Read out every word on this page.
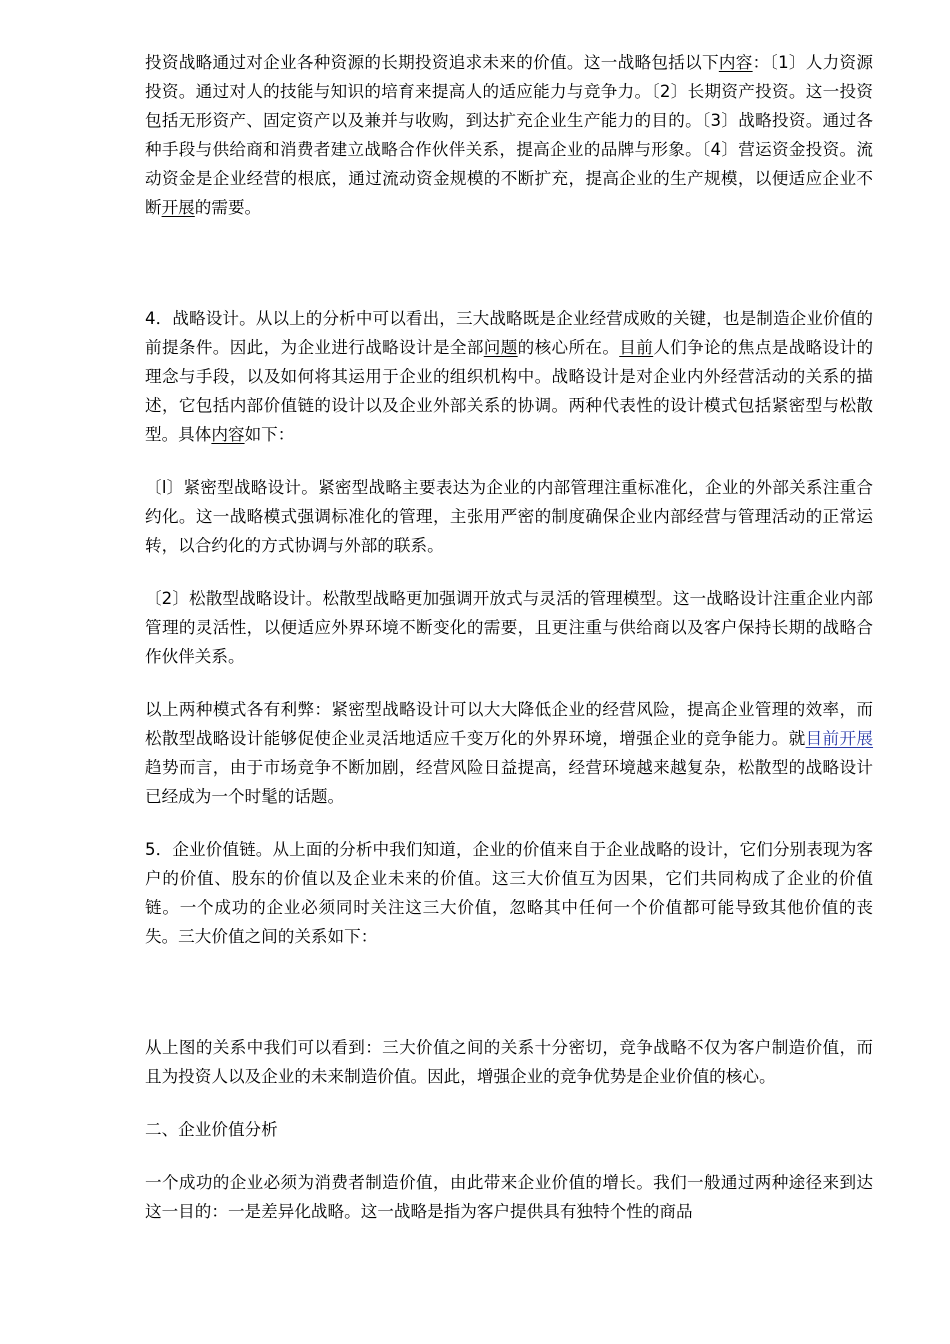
投资战略通过对企业各种资源的长期投资追求未来的价值。这一战略包括以下内容：〔1〕人力资源投资。通过对人的技能与知识的培育来提高人的适应能力与竞争力。〔2〕长期资产投资。这一投资包括无形资产、固定资产以及兼并与收购，到达扩充企业生产能力的目的。〔3〕战略投资。通过各种手段与供给商和消费者建立战略合作伙伴关系，提高企业的品牌与形象。〔4〕营运资金投资。流动资金是企业经营的根底，通过流动资金规模的不断扩充，提高企业的生产规模，以便适应企业不断开展的需要。

4．战略设计。从以上的分析中可以看出，三大战略既是企业经营成败的关键，也是制造企业价值的前提条件。因此，为企业进行战略设计是全部问题的核心所在。目前人们争论的焦点是战略设计的理念与手段，以及如何将其运用于企业的组织机构中。战略设计是对企业内外经营活动的关系的描述，它包括内部价值链的设计以及企业外部关系的协调。两种代表性的设计模式包括紧密型与松散型。具体内容如下：

〔l〕紧密型战略设计。紧密型战略主要表达为企业的内部管理注重标准化，企业的外部关系注重合约化。这一战略模式强调标准化的管理，主张用严密的制度确保企业内部经营与管理活动的正常运转，以合约化的方式协调与外部的联系。

〔2〕松散型战略设计。松散型战略更加强调开放式与灵活的管理模型。这一战略设计注重企业内部管理的灵活性，以便适应外界环境不断变化的需要，且更注重与供给商以及客户保持长期的战略合作伙伴关系。

以上两种模式各有利弊：紧密型战略设计可以大大降低企业的经营风险，提高企业管理的效率，而松散型战略设计能够促使企业灵活地适应千变万化的外界环境，增强企业的竞争能力。就目前开展趋势而言，由于市场竞争不断加剧，经营风险日益提高，经营环境越来越复杂，松散型的战略设计已经成为一个时髦的话题。

5．企业价值链。从上面的分析中我们知道，企业的价值来自于企业战略的设计，它们分别表现为客户的价值、股东的价值以及企业未来的价值。这三大价值互为因果，它们共同构成了企业的价值链。一个成功的企业必须同时关注这三大价值，忽略其中任何一个价值都可能导致其他价值的丧失。三大价值之间的关系如下：

从上图的关系中我们可以看到：三大价值之间的关系十分密切，竞争战略不仅为客户制造价值，而且为投资人以及企业的未来制造价值。因此，增强企业的竞争优势是企业价值的核心。

二、企业价值分析

一个成功的企业必须为消费者制造价值，由此带来企业价值的增长。我们一般通过两种途径来到达这一目的：一是差异化战略。这一战略是指为客户提供具有独特个性的商品
